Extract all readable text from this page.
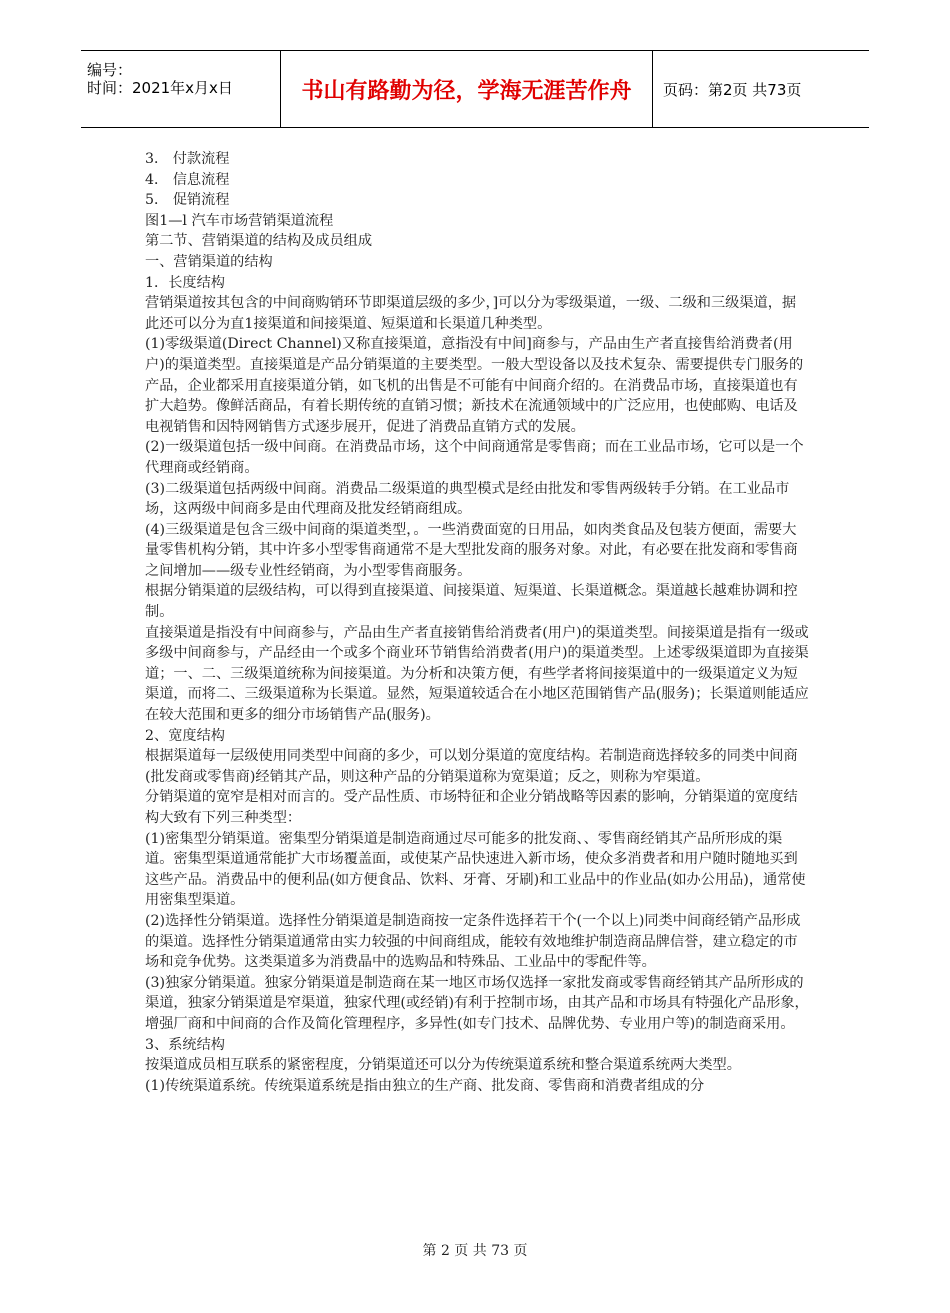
编号：
时间：2021年x月x日	书山有路勤为径，学海无涯苦作舟	页码：第2页 共73页

3． 付款流程

4． 信息流程

5． 促销流程

图1—l 汽车市场营销渠道流程

第二节、营销渠道的结构及成员组成

一、营销渠道的结构

1．长度结构

营销渠道按其包含的中间商购销环节即渠道层级的多少，]可以分为零级渠道，一级、二级和三级渠道，据此还可以分为直1接渠道和间接渠道、短渠道和长渠道几种类型。

(1)零级渠道(Direct Channel)又称直接渠道，意指没有中间]商参与，产品由生产者直接售给消费者(用户)的渠道类型。直接渠道是产品分销渠道的主要类型。一般大型设备以及技术复杂、需要提供专门服务的产品，企业都采用直接渠道分销，如飞机的出售是不可能有中间商介绍的。在消费品市场，直接渠道也有扩大趋势。像鲜活商品，有着长期传统的直销习惯；新技术在流通领域中的广泛应用，也使邮购、电话及电视销售和因特网销售方式逐步展开，促进了消费品直销方式的发展。

(2)一级渠道包括一级中间商。在消费品市场，这个中间商通常是零售商；而在工业品市场，它可以是一个代理商或经销商。

(3)二级渠道包括两级中间商。消费品二级渠道的典型模式是经由批发和零售两级转手分销。在工业品市场，这两级中间商多是由代理商及批发经销商组成。

(4)三级渠道是包含三级中间商的渠道类型，。一些消费面宽的日用品，如肉类食品及包装方便面，需要大量零售机构分销，其中许多小型零售商通常不是大型批发商的服务对象。对此，有必要在批发商和零售商之间增加——级专业性经销商，为小型零售商服务。

根据分销渠道的层级结构，可以得到直接渠道、间接渠道、短渠道、长渠道概念。渠道越长越难协调和控制。

直接渠道是指没有中间商参与，产品由生产者直接销售给消费者(用户)的渠道类型。间接渠道是指有一级或多级中间商参与，产品经由一个或多个商业环节销售给消费者(用户)的渠道类型。上述零级渠道即为直接渠道；一、二、三级渠道统称为间接渠道。为分析和决策方便，有些学者将间接渠道中的一级渠道定义为短渠道，而将二、三级渠道称为长渠道。显然，短渠道较适合在小地区范围销售产品(服务)；长渠道则能适应在较大范围和更多的细分市场销售产品(服务)。

2、宽度结构

根据渠道每一层级使用同类型中间商的多少，可以划分渠道的宽度结构。若制造商选择较多的同类中间商(批发商或零售商)经销其产品，则这种产品的分销渠道称为宽渠道；反之，则称为窄渠道。

分销渠道的宽窄是相对而言的。受产品性质、市场特征和企业分销战略等因素的影响，分销渠道的宽度结构大致有下列三种类型：

(1)密集型分销渠道。密集型分销渠道是制造商通过尽可能多的批发商、、零售商经销其产品所形成的渠道。密集型渠道通常能扩大市场覆盖面，或使某产品快速进入新市场，使众多消费者和用户随时随地买到这些产品。消费品中的便利品(如方便食品、饮料、牙膏、牙刷)和工业品中的作业品(如办公用品)，通常使用密集型渠道。

(2)选择性分销渠道。选择性分销渠道是制造商按一定条件选择若干个(一个以上)同类中间商经销产品形成的渠道。选择性分销渠道通常由实力较强的中间商组成，能较有效地维护制造商品牌信誉，建立稳定的市场和竞争优势。这类渠道多为消费晶中的选购品和特殊品、工业品中的零配件等。

(3)独家分销渠道。独家分销渠道是制造商在某一地区市场仅选择一家批发商或零售商经销其产品所形成的渠道，独家分销渠道是窄渠道，独家代理(或经销)有利于控制市场，由其产品和市场具有特强化产品形象，增强厂商和中间商的合作及简化管理程序，多异性(如专门技术、品牌优势、专业用户等)的制造商采用。

3、系统结构

按渠道成员相互联系的紧密程度，分销渠道还可以分为传统渠道系统和整合渠道系统两大类型。

(1)传统渠道系统。传统渠道系统是指由独立的生产商、批发商、零售商和消费者组成的分

第 2 页 共 73 页
